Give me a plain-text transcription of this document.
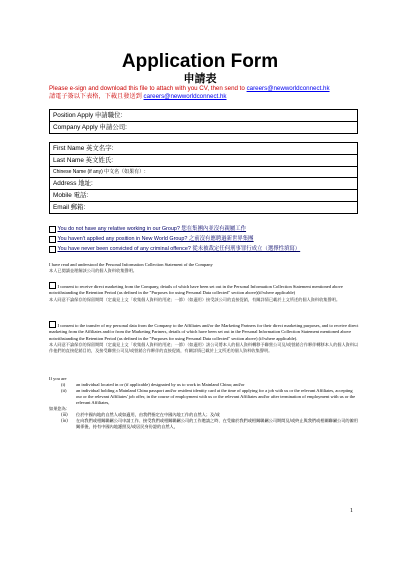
Application Form
申請表
Please e-sign and download this file to attach with you CV, then send to careers@newworldconnect.hk
請電子簽以下表格，下載且發送到 careers@newworldconnect.hk
Position Apply 申請職位:
Company Apply 申請公司:
First Name 英文名字:
Last Name 英文姓氏:
Chinese Name (if any) 中文名（如果有）:
Address 地址:
Mobile 電話:
Email 郵箱:
You do not have any relative working in our Group? 您在集團內並沒有親屬工作
You haven't applied any position in New World Group? 之前沒有應聘過新世界集團
You have never been convicted of any criminal offence? 從未被裁定任何刑事罪行成立（選擇性填寫）

I have read and understood the Personal Information Collection Statement of the Company

本人已閱讀並理解該公司的個人資料收集聲明。

I consent to receive direct marketing from the Company, details of which have been set out in the Personal Information Collection Statement mentioned above notwithstanding the Retention Period (as defined in the "Purposes for using Personal Data collected" section above)(if/where applicable)

本人同意不論保存的保留期間（定義見上文「收集個人資料的用途」一節）（如適用）接受該公司的直接促銷，有關詳情已載於上文所述的個人資料收集聲明。

I consent to the transfer of my personal data from the Company to the Affiliates and/or the Marketing Partners for their direct marketing purposes, and to receive direct marketing from the Affiliates and/or from the Marketing Partners, details of which have been set out in the Personal Information Collection Statement mentioned above notwithstanding the Retention Period (as defined in the "Purposes for using Personal Data collected" section above) (if/where applicable).

本人同意不論保存的保留期間（定義見上文「收集個人資料的用途」一節）（如適用）該公司將本人的個人資料轉移予聯營公司及/或營銷合作夥伴轉移本人的個人資料以作他們的直接促銷目的，及接受聯營公司及/或營銷合作夥伴的直接促銷，有關詳情已載於上文所述的個人資料收集聲明。

If you are
(i)	an individual located in or (if applicable) designated by us to work in Mainland China; and/or
(ii)	an individual holding a Mainland China passport and/or resident identity card at the time of applying for a job with us or the relevant Affiliates, accepting our or the relevant Affiliates' job offer, in the course of employment with us or the relevant Affiliates and/or after termination of employment with us or the relevant Affiliates,
如果您為：
(iii)	位於中國內地的自然人或如適用，由我們指定在中國內地工作的自然人；及/或
(iv)	在向我們或相關聯屬公司申請工作、接受我們或相關聯屬公司的工作邀請之時、在受僱於我們或相關聯屬公司期間及/或終止與我們或相關聯屬公司的僱用關係後，持有中國內地護照及/或居民身份證的自然人，
1
